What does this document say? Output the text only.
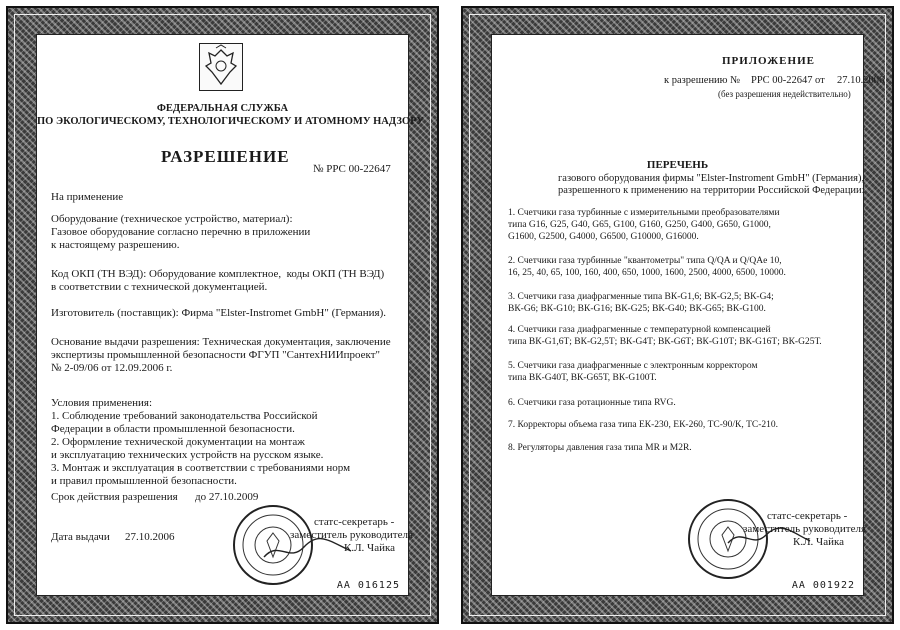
ФЕДЕРАЛЬНАЯ СЛУЖБА

ПО ЭКОЛОГИЧЕСКОМУ, ТЕХНОЛОГИЧЕСКОМУ И АТОМНОМУ НАДЗОРУ

РАЗРЕШЕНИЕ

№ PPC 00-22647

На применение

Оборудование (техническое устройство, материал):

Газовое оборудование согласно перечню в приложении

к настоящему разрешению.

Код ОКП (ТН ВЭД): Оборудование комплектное,  коды ОКП (ТН ВЭД)

в соответствии с технической документацией.

Изготовитель (поставщик): Фирма "Elster-Instromet GmbH" (Германия).

Основание выдачи разрешения: Техническая документация, заключение

экспертизы промышленной безопасности ФГУП "СантехНИИпроект"

№ 2-09/06 от 12.09.2006 г.

Условия применения:

1. Соблюдение требований законодательства Российской

Федерации в области промышленной безопасности.

2. Оформление технической документации на монтаж

и эксплуатацию технических устройств на русском языке.

3. Монтаж и эксплуатация в соответствии с требованиями норм

и правил промышленной безопасности.

Срок действия разрешения до 27.10.2009

статс-секретарь -

заместитель руководителя

К.Л. Чайка

Дата выдачи 27.10.2006

АА 016125

ПРИЛОЖЕНИЕ

к разрешению № PPC 00-22647 от 27.10.2006

(без разрешения недействительно)

ПЕРЕЧЕНЬ

газового оборудования фирмы "Elster-Instroment GmbH" (Германия),

разрешенного к применению на территории Российской Федерации:

1. Счетчики газа турбинные с измерительными преобразователями

типа G16, G25, G40, G65, G100, G160, G250, G400, G650, G1000,

G1600, G2500, G4000, G6500, G10000, G16000.

2. Счетчики газа турбинные "квантометры" типа Q/QA и Q/QAe 10,

16, 25, 40, 65, 100, 160, 400, 650, 1000, 1600, 2500, 4000, 6500, 10000.

3. Счетчики газа диафрагменные типа ВК-G1,6; ВК-G2,5; ВК-G4;

ВК-G6; ВК-G10; ВК-G16; ВК-G25; ВК-G40; ВК-G65; ВК-G100.

4. Счетчики газа диафрагменные с температурной компенсацией

типа ВК-G1,6Т; ВК-G2,5Т; ВК-G4Т; ВК-G6Т; ВК-G10Т; ВК-G16Т; ВК-G25Т.

5. Счетчики газа диафрагменные с электронным корректором

типа ВК-G40Т, ВК-G65Т, ВК-G100Т.

6. Счетчики газа ротационные типа RVG.

7. Корректоры объема газа типа ЕК-230, ЕК-260, ТС-90/К, ТС-210.

8. Регуляторы давления газа типа MR и M2R.

статс-секретарь -

заместитель руководителя

К.Л. Чайка

АА 001922
